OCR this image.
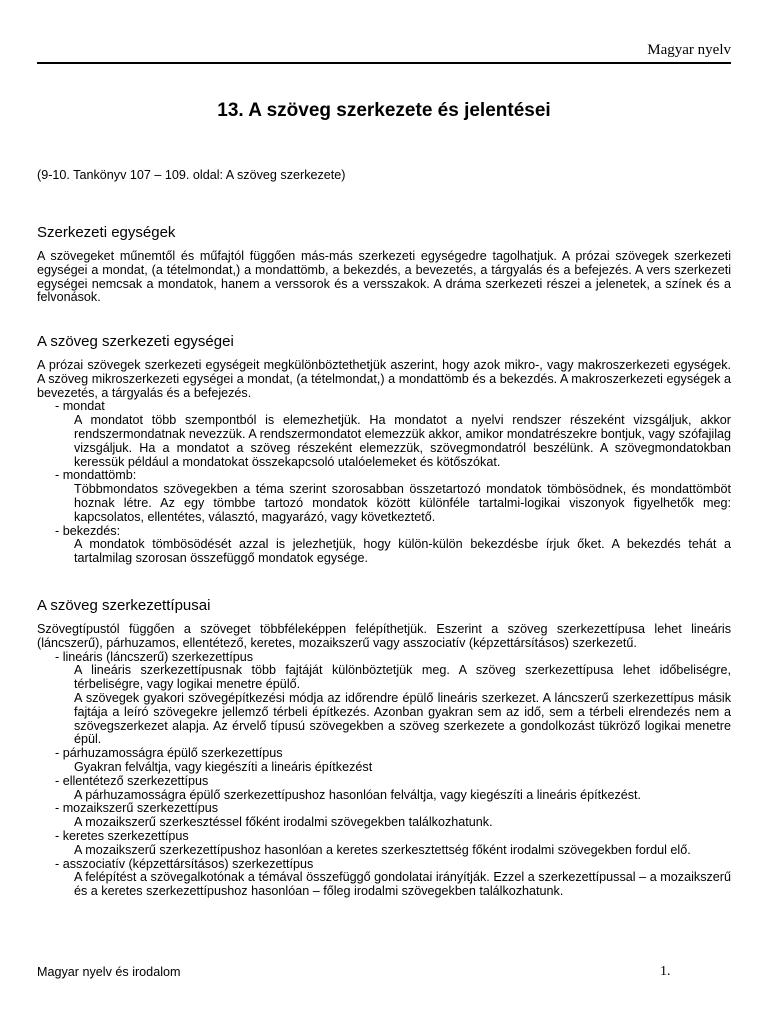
Magyar nyelv
13. A szöveg szerkezete és jelentései
(9-10. Tankönyv 107 – 109. oldal: A szöveg szerkezete)
Szerkezeti egységek
A szövegeket műnemtől és műfajtól függően más-más szerkezeti egységedre tagolhatjuk. A prózai szövegek szerkezeti egységei a mondat, (a tételmondat,) a mondattömb, a bekezdés, a bevezetés, a tárgyalás és a befejezés. A vers szerkezeti egységei nemcsak a mondatok, hanem a verssorok és a versszakok. A dráma szerkezeti részei a jelenetek, a színek és a felvonások.
A szöveg szerkezeti egységei

A prózai szövegek szerkezeti egységeit megkülönböztethetjük aszerint, hogy azok mikro-, vagy makroszerkezeti egységek. A szöveg mikroszerkezeti egységei a mondat, (a tételmondat,) a mondattömb és a bekezdés. A makroszerkezeti egységek a bevezetés, a tárgyalás és a befejezés.

- mondat

A mondatot több szempontból is elemezhetjük. Ha mondatot a nyelvi rendszer részeként vizsgáljuk, akkor rendszermondatnak nevezzük. A rendszermondatot elemezzük akkor, amikor mondatrészekre bontjuk, vagy szófajilag vizsgáljuk. Ha a mondatot a szöveg részeként elemezzük, szövegmondatról beszélünk. A szövegmondatokban keressük például a mondatokat összekapcsoló utalóelemeket és kötőszókat.

- mondattömb:

Többmondatos szövegekben a téma szerint szorosabban összetartozó mondatok tömbösödnek, és mondattömböt hoznak létre. Az egy tömbbe tartozó mondatok között különféle tartalmi-logikai viszonyok figyelhetők meg: kapcsolatos, ellentétes, választó, magyarázó, vagy következtető.

- bekezdés:

A mondatok tömbösödését azzal is jelezhetjük, hogy külön-külön bekezdésbe írjuk őket. A bekezdés tehát a tartalmilag szorosan összefüggő mondatok egysége.

A szöveg szerkezettípusai

Szövegtípustól függően a szöveget többféleképpen felépíthetjük. Eszerint a szöveg szerkezettípusa lehet lineáris (láncszerű), párhuzamos, ellentétező, keretes, mozaikszerű vagy asszociatív (képzettársításos) szerkezetű.

- lineáris (láncszerű) szerkezettípus

A lineáris szerkezettípusnak több fajtáját különböztetjük meg. A szöveg szerkezettípusa lehet időbeliségre, térbeliségre, vagy logikai menetre épülő.

A szövegek gyakori szövegépítkezési módja az időrendre épülő lineáris szerkezet. A láncszerű szerkezettípus másik fajtája a leíró szövegekre jellemző térbeli építkezés. Azonban gyakran sem az idő, sem a térbeli elrendezés nem a szövegszerkezet alapja. Az érvelő típusú szövegekben a szöveg szerkezete a gondolkozást tükröző logikai menetre épül.

- párhuzamosságra épülő szerkezettípus

Gyakran felváltja, vagy kiegészíti a lineáris építkezést

- ellentétező szerkezettípus

A párhuzamosságra épülő szerkezettípushoz hasonlóan felváltja, vagy kiegészíti a lineáris építkezést.

- mozaikszerű szerkezettípus

A mozaikszerű szerkesztéssel főként irodalmi szövegekben találkozhatunk.

- keretes szerkezettípus

A mozaikszerű szerkezettípushoz hasonlóan a keretes szerkesztettség főként irodalmi szövegekben fordul elő.

- asszociatív (képzettársításos) szerkezettípus

A felépítést a szövegalkotónak a témával összefüggő gondolatai irányítják. Ezzel a szerkezettípussal – a mozaikszerű és a keretes szerkezettípushoz hasonlóan – főleg irodalmi szövegekben találkozhatunk.

Magyar nyelv és irodalom	1.
